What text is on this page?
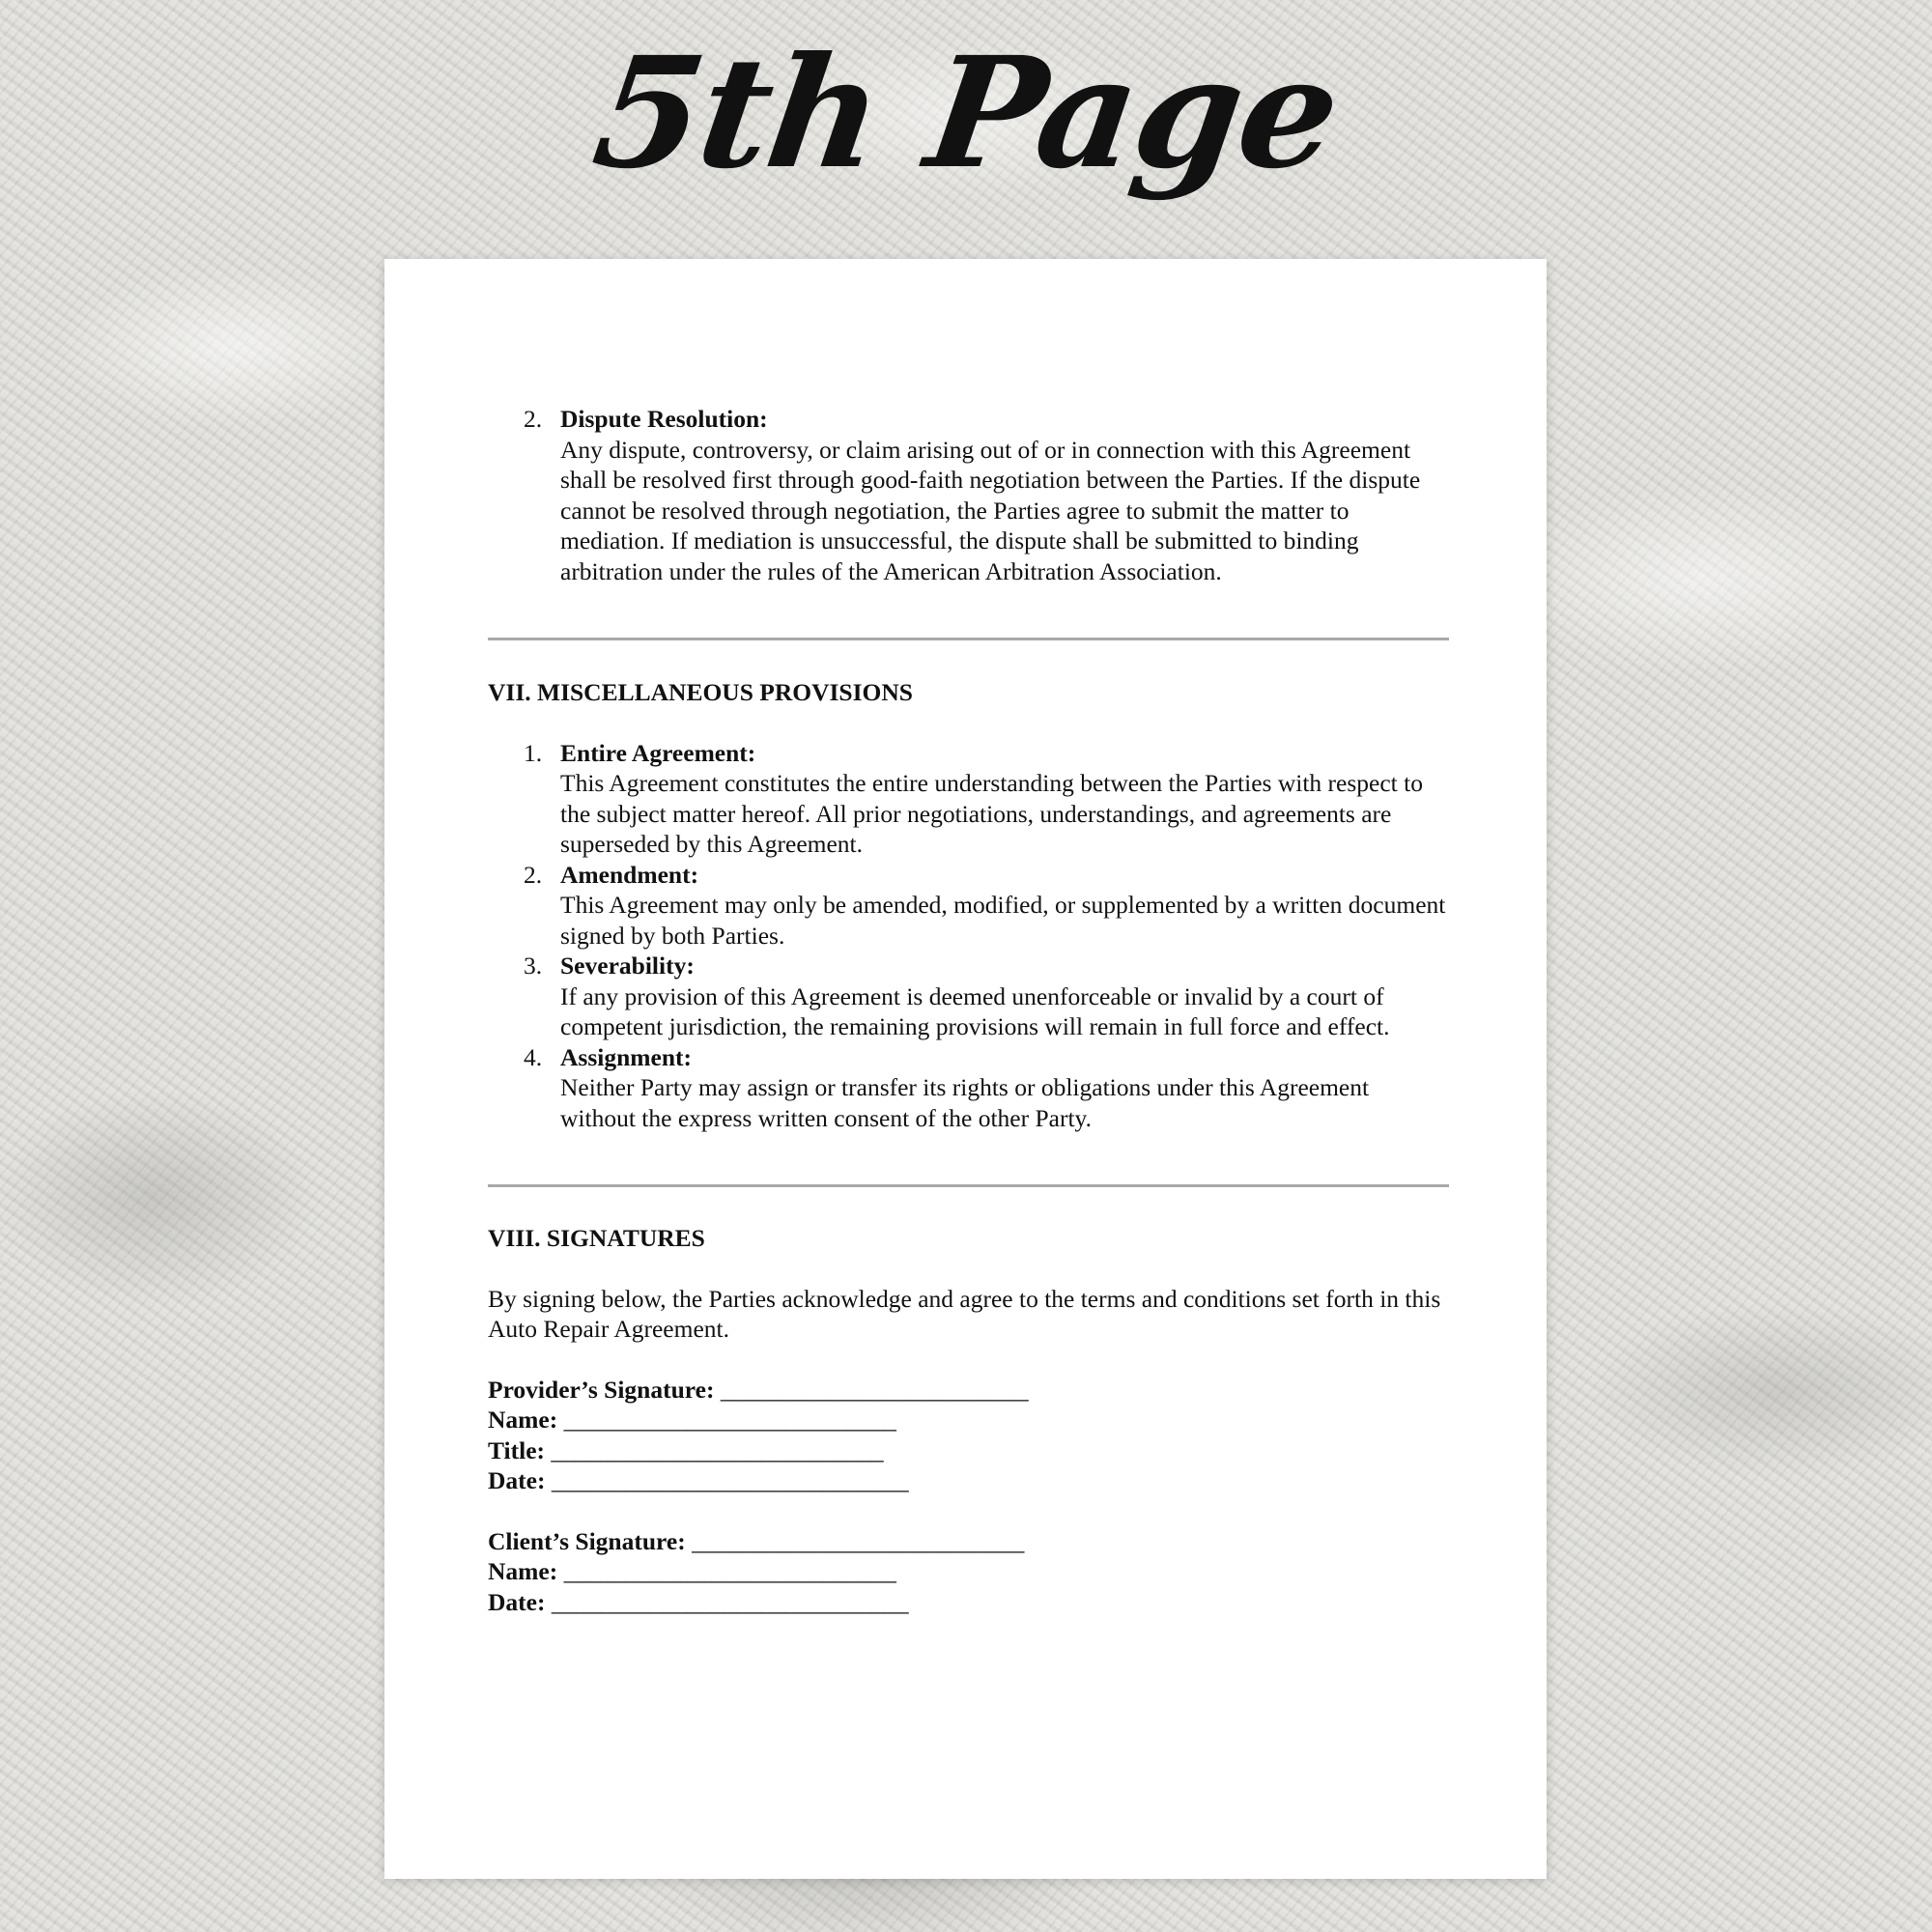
5th Page
2. Dispute Resolution:
Any dispute, controversy, or claim arising out of or in connection with this Agreement shall be resolved first through good-faith negotiation between the Parties. If the dispute cannot be resolved through negotiation, the Parties agree to submit the matter to mediation. If mediation is unsuccessful, the dispute shall be submitted to binding arbitration under the rules of the American Arbitration Association.
VII. MISCELLANEOUS PROVISIONS
1. Entire Agreement:
This Agreement constitutes the entire understanding between the Parties with respect to the subject matter hereof. All prior negotiations, understandings, and agreements are superseded by this Agreement.
2. Amendment:
This Agreement may only be amended, modified, or supplemented by a written document signed by both Parties.
3. Severability:
If any provision of this Agreement is deemed unenforceable or invalid by a court of competent jurisdiction, the remaining provisions will remain in full force and effect.
4. Assignment:
Neither Party may assign or transfer its rights or obligations under this Agreement without the express written consent of the other Party.
VIII. SIGNATURES
By signing below, the Parties acknowledge and agree to the terms and conditions set forth in this Auto Repair Agreement.
Provider’s Signature: _________________________
Name: ___________________________
Title: ___________________________
Date: _____________________________
Client’s Signature: ___________________________
Name: ___________________________
Date: _____________________________
